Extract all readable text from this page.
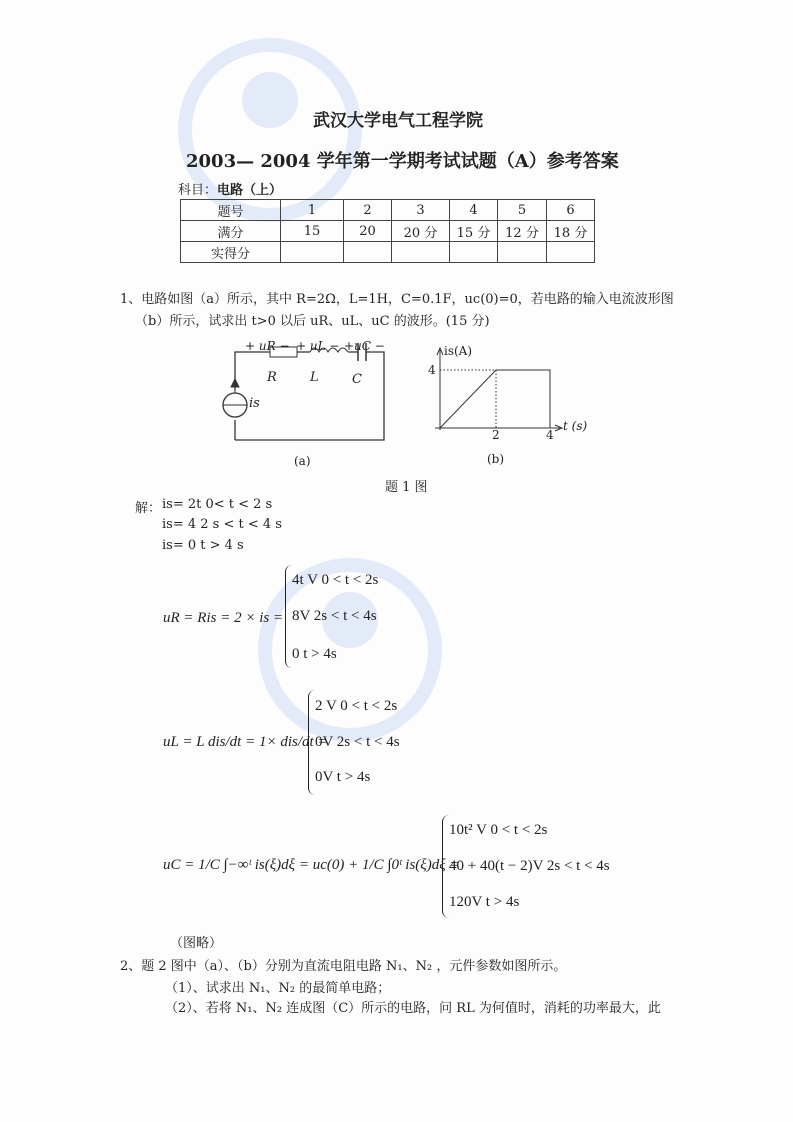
武汉大学电气工程学院
2003— 2004 学年第一学期考试试题（A）参考答案
科目：电路（上）
题号	1	2	3	4	5	6
满分	15	20	20 分	15 分	12 分	18 分
实得分						
1、电路如图（a）所示，其中 R=2Ω，L=1H，C=0.1F，uc(0)=0，若电路的输入电流波形图
（b）所示，试求出 t>0 以后 uR、uL、uC 的波形。(15 分)
+ uR − + uL − +uC −
R	L	C
is
(a)
is(A)
4
2	4
t (s)
(b)
题 1 图
解： is= 2t 0< t < 2 s
is= 4 2 s < t < 4 s
is= 0 t > 4 s
uR = Ris = 2 × is =
4t V 0 < t < 2s
8V 2s < t < 4s
0 t > 4s
uL = L dis/dt = 1× dis/dt =
2 V 0 < t < 2s
0V 2s < t < 4s
0V t > 4s
uC = 1/C ∫−∞ᵗ is(ξ)dξ = uc(0) + 1/C ∫0ᵗ is(ξ)dξ =
10t² V 0 < t < 2s
40 + 40(t − 2)V 2s < t < 4s
120V t > 4s
（图略）
2、题 2 图中（a）、（b）分别为直流电阻电路 N₁、N₂ ，元件参数如图所示。
（1）、试求出 N₁、N₂ 的最简单电路；
（2）、若将 N₁、N₂ 连成图（C）所示的电路，问 RL 为何值时，消耗的功率最大，此
